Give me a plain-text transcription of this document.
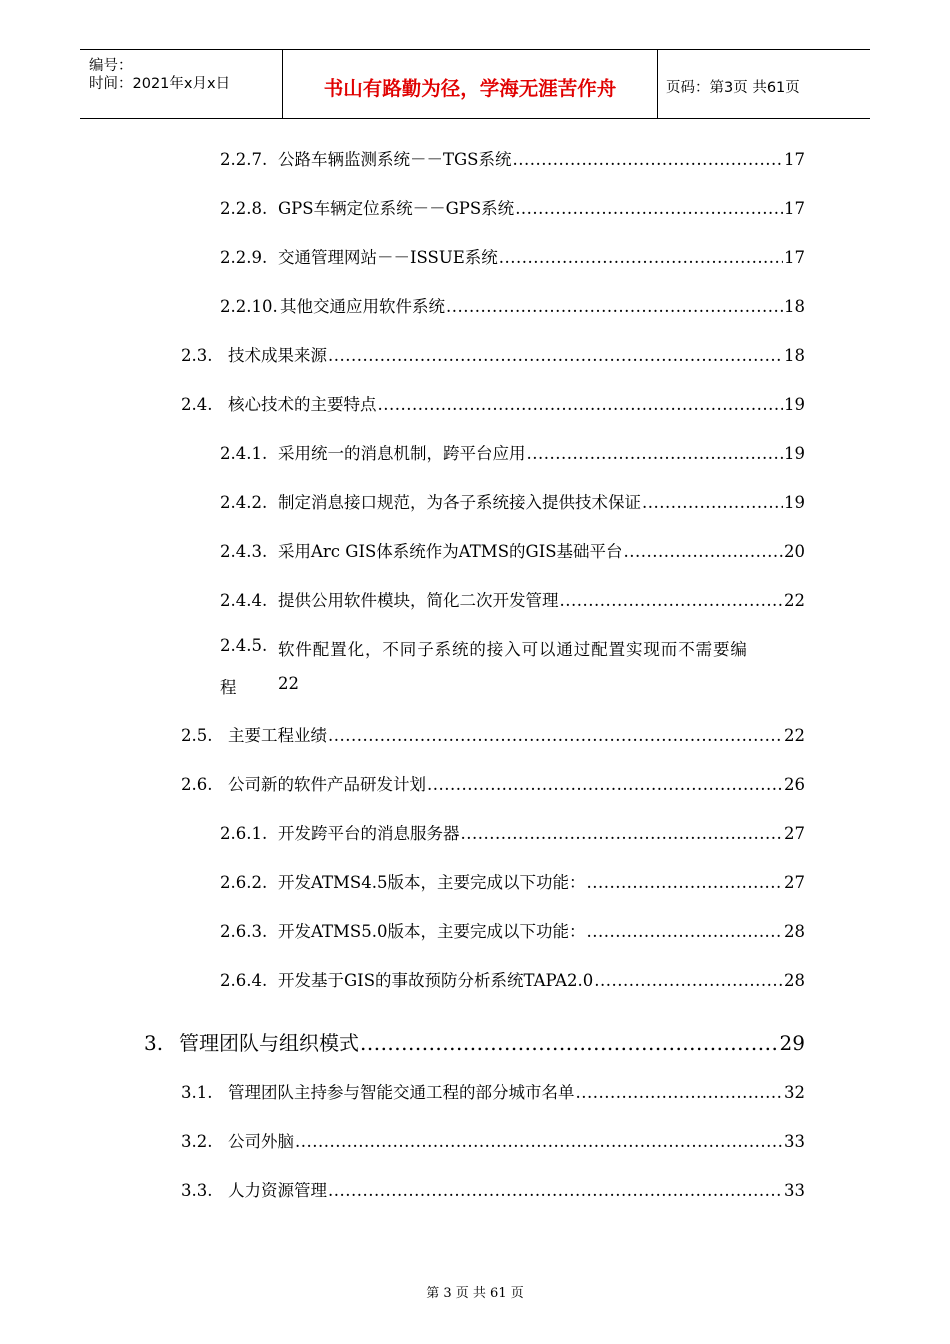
编号：
时间：2021年x月x日	书山有路勤为径，学海无涯苦作舟	页码：第3页 共61页
2.2.7. 公路车辆监测系统－－TGS系统 .....	17
2.2.8. GPS车辆定位系统－－GPS系统 .....	17
2.2.9. 交通管理网站－－ISSUE系统 .....	17
2.2.10. 其他交通应用软件系统 .....	18
2.3. 技术成果来源 .....	18
2.4. 核心技术的主要特点 .....	19
2.4.1. 采用统一的消息机制，跨平台应用 .....	19
2.4.2. 制定消息接口规范，为各子系统接入提供技术保证 .....	19
2.4.3. 采用Arc GIS体系统作为ATMS的GIS基础平台 .....	20
2.4.4. 提供公用软件模块，简化二次开发管理 .....	22
2.4.5. 软件配置化，不同子系统的接入可以通过配置实现而不需要编
程	22
2.5. 主要工程业绩 .....	22
2.6. 公司新的软件产品研发计划 .....	26
2.6.1. 开发跨平台的消息服务器 .....	27
2.6.2. 开发ATMS4.5版本，主要完成以下功能： .....	27
2.6.3. 开发ATMS5.0版本，主要完成以下功能： .....	28
2.6.4. 开发基于GIS的事故预防分析系统TAPA2.0 .....	28
3. 管理团队与组织模式 .....	29
3.1. 管理团队主持参与智能交通工程的部分城市名单 .....	32
3.2. 公司外脑 .....	33
3.3. 人力资源管理 .....	33
第 3 页 共 61 页
